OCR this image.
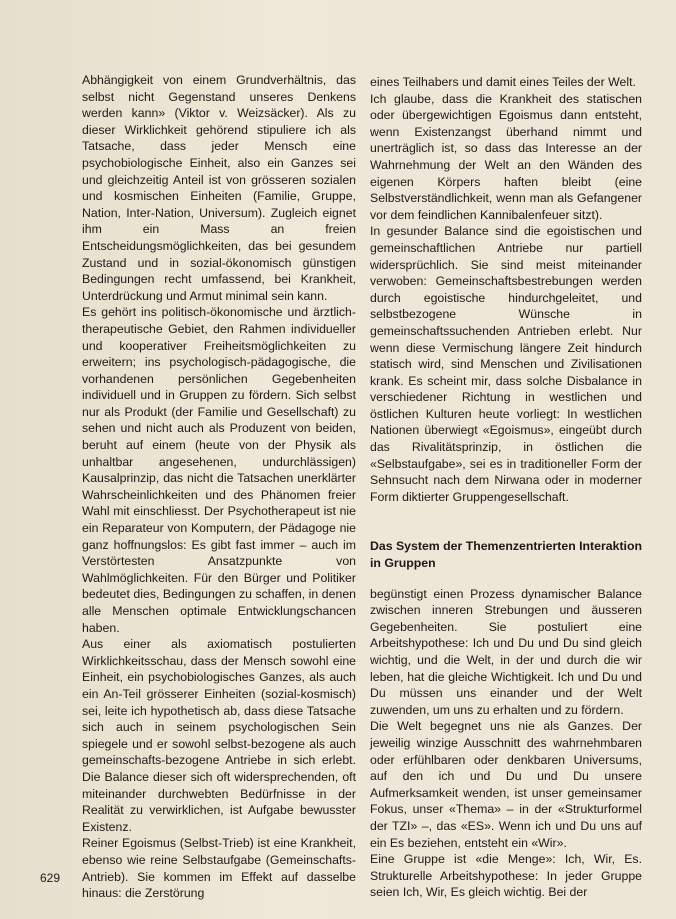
Abhängigkeit von einem Grundverhältnis, das selbst nicht Gegenstand unseres Denkens werden kann» (Viktor v. Weizsäcker). Als zu dieser Wirklichkeit gehörend stipuliere ich als Tatsache, dass jeder Mensch eine psychobiologische Einheit, also ein Ganzes sei und gleichzeitig Anteil ist von grösseren sozialen und kosmischen Einheiten (Familie, Gruppe, Nation, Inter-Nation, Universum). Zugleich eignet ihm ein Mass an freien Entscheidungsmöglichkeiten, das bei gesundem Zustand und in sozial-ökonomisch günstigen Bedingungen recht umfassend, bei Krankheit, Unterdrückung und Armut minimal sein kann.

Es gehört ins politisch-ökonomische und ärztlich-therapeutische Gebiet, den Rahmen individueller und kooperativer Freiheitsmöglichkeiten zu erweitern; ins psychologisch-pädagogische, die vorhandenen persönlichen Gegebenheiten individuell und in Gruppen zu fördern. Sich selbst nur als Produkt (der Familie und Gesellschaft) zu sehen und nicht auch als Produzent von beiden, beruht auf einem (heute von der Physik als unhaltbar angesehenen, undurchlässigen) Kausalprinzip, das nicht die Tatsachen unerklärter Wahrscheinlichkeiten und des Phänomen freier Wahl mit einschliesst. Der Psychotherapeut ist nie ein Reparateur von Komputern, der Pädagoge nie ganz hoffnungslos: Es gibt fast immer – auch im Verstörtesten Ansatzpunkte von Wahlmöglichkeiten. Für den Bürger und Politiker bedeutet dies, Bedingungen zu schaffen, in denen alle Menschen optimale Entwicklungschancen haben.

Aus einer als axiomatisch postulierten Wirklichkeitsschau, dass der Mensch sowohl eine Einheit, ein psychobiologisches Ganzes, als auch ein An-Teil grösserer Einheiten (sozial-kosmisch) sei, leite ich hypothetisch ab, dass diese Tatsache sich auch in seinem psychologischen Sein spiegele und er sowohl selbst-bezogene als auch gemeinschafts-bezogene Antriebe in sich erlebt. Die Balance dieser sich oft widersprechenden, oft miteinander durchwebten Bedürfnisse in der Realität zu verwirklichen, ist Aufgabe bewusster Existenz.

Reiner Egoismus (Selbst-Trieb) ist eine Krankheit, ebenso wie reine Selbstaufgabe (Gemeinschafts-Antrieb). Sie kommen im Effekt auf dasselbe hinaus: die Zerstörung

eines Teilhabers und damit eines Teiles der Welt.

Ich glaube, dass die Krankheit des statischen oder übergewichtigen Egoismus dann entsteht, wenn Existenzangst überhand nimmt und unerträglich ist, so dass das Interesse an der Wahrnehmung der Welt an den Wänden des eigenen Körpers haften bleibt (eine Selbstverständlichkeit, wenn man als Gefangener vor dem feindlichen Kannibalenfeuer sitzt).

In gesunder Balance sind die egoistischen und gemeinschaftlichen Antriebe nur partiell widersprüchlich. Sie sind meist miteinander verwoben: Gemeinschaftsbestrebungen werden durch egoistische hindurchgeleitet, und selbstbezogene Wünsche in gemeinschaftssuchenden Antrieben erlebt. Nur wenn diese Vermischung längere Zeit hindurch statisch wird, sind Menschen und Zivilisationen krank. Es scheint mir, dass solche Disbalance in verschiedener Richtung in westlichen und östlichen Kulturen heute vorliegt: In westlichen Nationen überwiegt «Egoismus», eingeübt durch das Rivalitätsprinzip, in östlichen die «Selbstaufgabe», sei es in traditioneller Form der Sehnsucht nach dem Nirwana oder in moderner Form diktierter Gruppengesellschaft.

Das System der Themenzentrierten Interaktion in Gruppen

begünstigt einen Prozess dynamischer Balance zwischen inneren Strebungen und äusseren Gegebenheiten. Sie postuliert eine Arbeitshypothese: Ich und Du und Du sind gleich wichtig, und die Welt, in der und durch die wir leben, hat die gleiche Wichtigkeit. Ich und Du und Du müssen uns einander und der Welt zuwenden, um uns zu erhalten und zu fördern.

Die Welt begegnet uns nie als Ganzes. Der jeweilig winzige Ausschnitt des wahrnehmbaren oder erfühlbaren oder denkbaren Universums, auf den ich und Du und Du unsere Aufmerksamkeit wenden, ist unser gemeinsamer Fokus, unser «Thema» – in der «Strukturformel der TZI» –, das «ES». Wenn ich und Du uns auf ein Es beziehen, entsteht ein «Wir».

Eine Gruppe ist «die Menge»: Ich, Wir, Es. Strukturelle Arbeitshypothese: In jeder Gruppe seien Ich, Wir, Es gleich wichtig. Bei der

629
